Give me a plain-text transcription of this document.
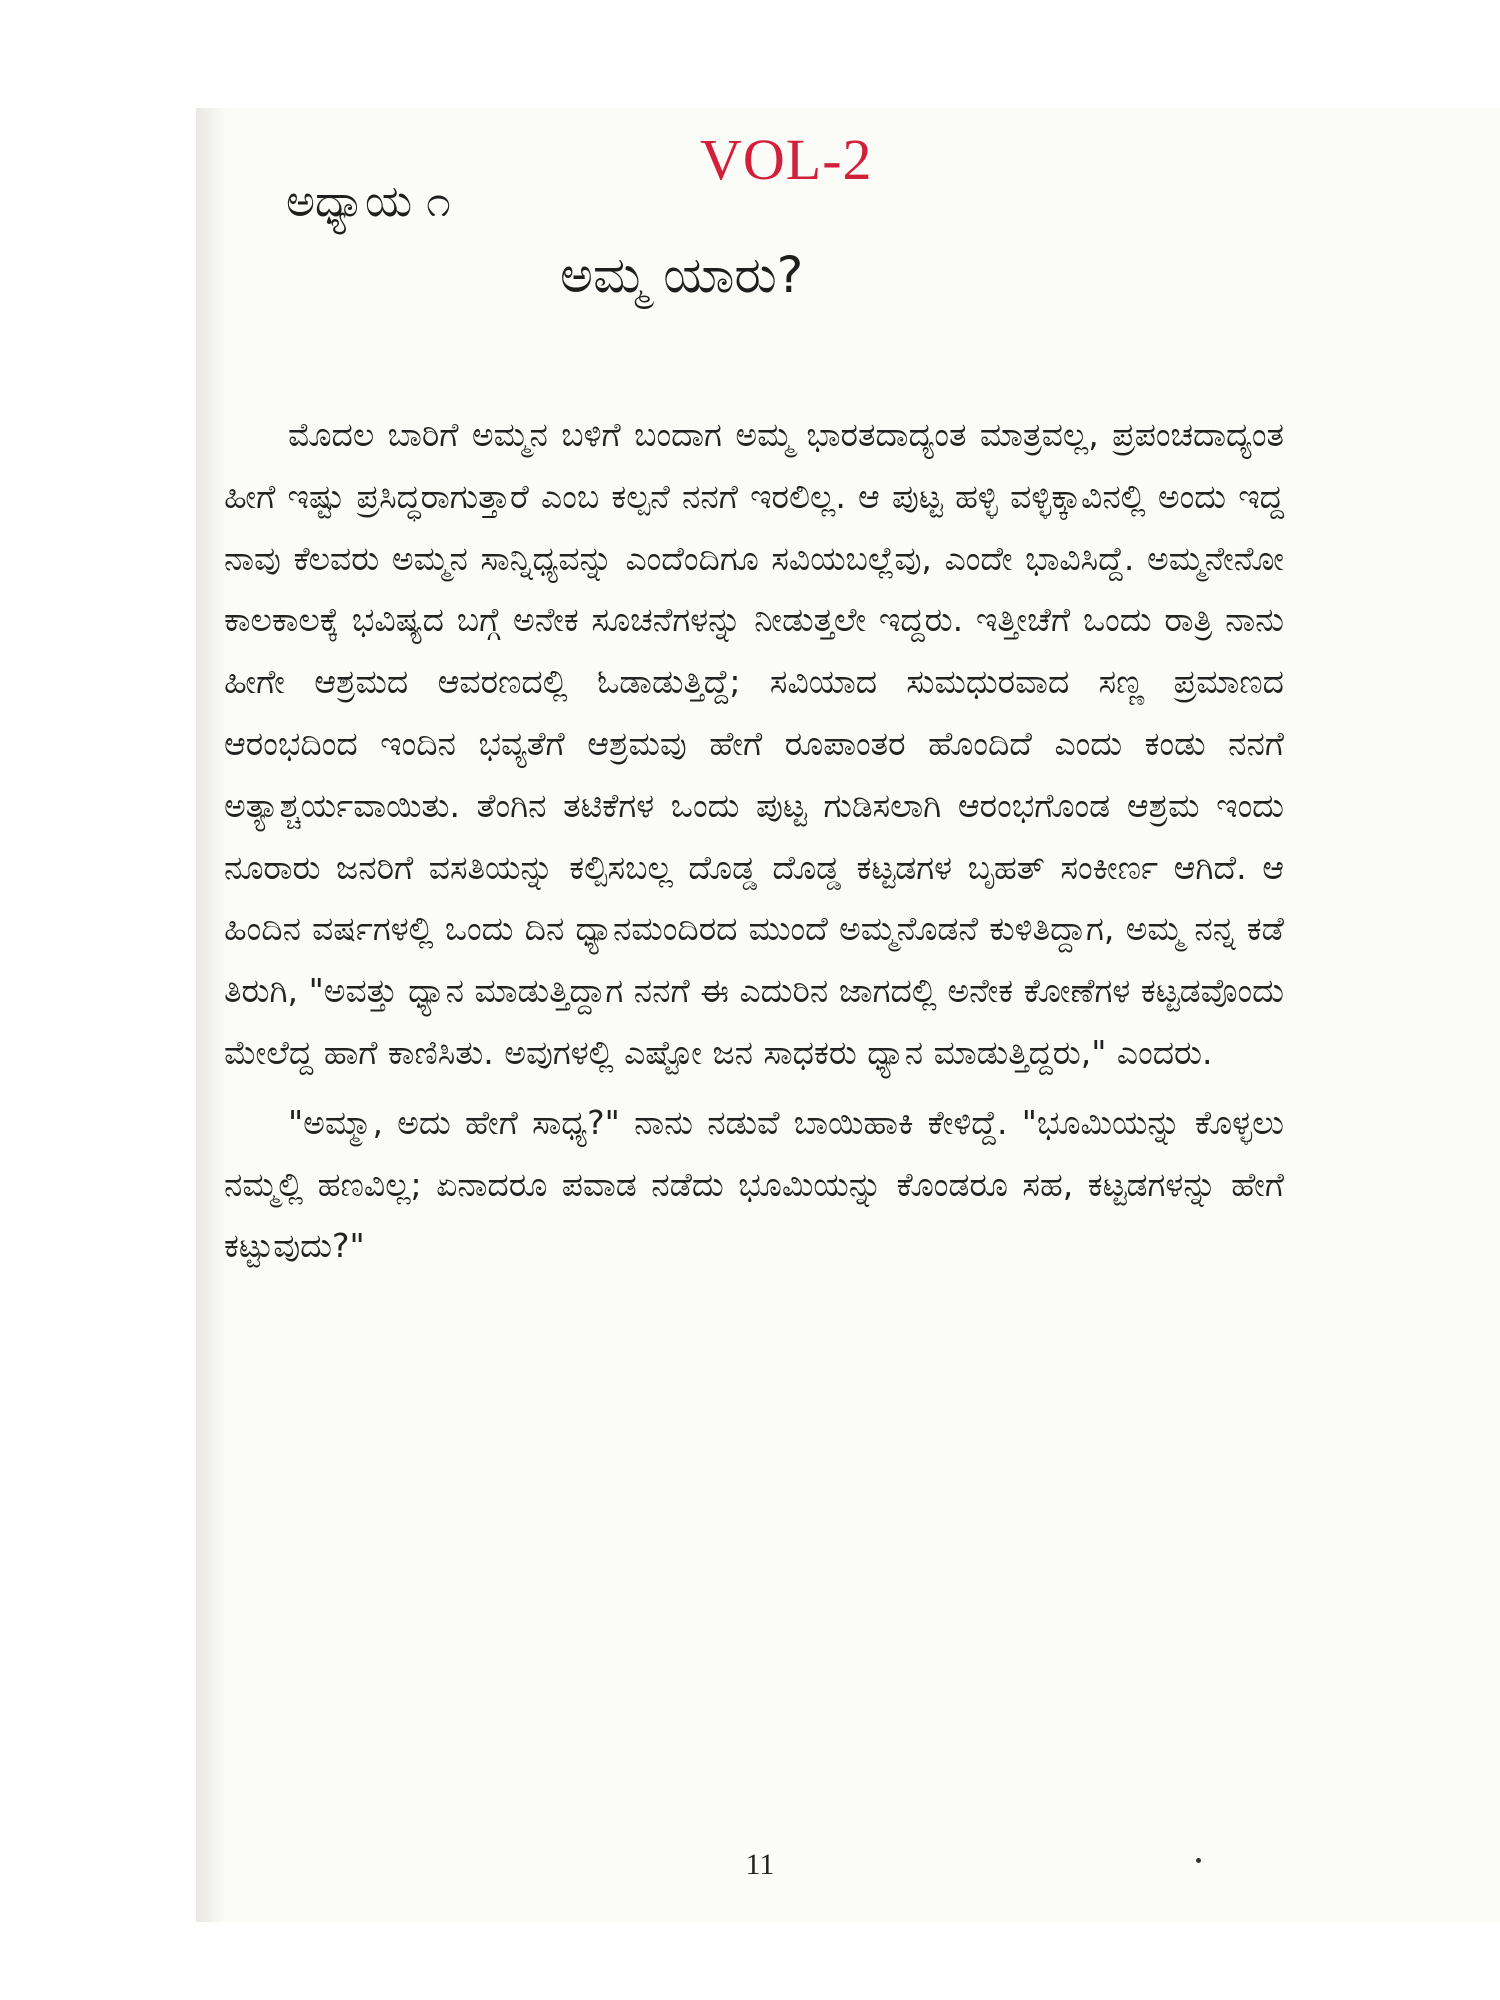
VOL-2
ಅಧ್ಯಾಯ ೧
ಅಮ್ಮ ಯಾರು?

ಮೊದಲ ಬಾರಿಗೆ ಅಮ್ಮನ ಬಳಿಗೆ ಬಂದಾಗ ಅಮ್ಮ ಭಾರತದಾದ್ಯಂತ ಮಾತ್ರವಲ್ಲ, ಪ್ರಪಂಚದಾದ್ಯಂತ ಹೀಗೆ ಇಷ್ಟು ಪ್ರಸಿದ್ಧರಾಗುತ್ತಾರೆ ಎಂಬ ಕಲ್ಪನೆ ನನಗೆ ಇರಲಿಲ್ಲ. ಆ ಪುಟ್ಟ ಹಳ್ಳಿ ವಳ್ಳಿಕ್ಕಾವಿನಲ್ಲಿ ಅಂದು ಇದ್ದ ನಾವು ಕೆಲವರು ಅಮ್ಮನ ಸಾನ್ನಿಧ್ಯವನ್ನು ಎಂದೆಂದಿಗೂ ಸವಿಯಬಲ್ಲೆವು, ಎಂದೇ ಭಾವಿಸಿದ್ದೆ. ಅಮ್ಮನೇನೋ ಕಾಲಕಾಲಕ್ಕೆ ಭವಿಷ್ಯದ ಬಗ್ಗೆ ಅನೇಕ ಸೂಚನೆಗಳನ್ನು ನೀಡುತ್ತಲೇ ಇದ್ದರು. ಇತ್ತೀಚೆಗೆ ಒಂದು ರಾತ್ರಿ ನಾನು ಹೀಗೇ ಆಶ್ರಮದ ಆವರಣದಲ್ಲಿ ಓಡಾಡುತ್ತಿದ್ದೆ; ಸವಿಯಾದ ಸುಮಧುರವಾದ ಸಣ್ಣ ಪ್ರಮಾಣದ ಆರಂಭದಿಂದ ಇಂದಿನ ಭವ್ಯತೆಗೆ ಆಶ್ರಮವು ಹೇಗೆ ರೂಪಾಂತರ ಹೊಂದಿದೆ ಎಂದು ಕಂಡು ನನಗೆ ಅತ್ಯಾಶ್ಚರ್ಯವಾಯಿತು. ತೆಂಗಿನ ತಟಿಕೆಗಳ ಒಂದು ಪುಟ್ಟ ಗುಡಿಸಲಾಗಿ ಆರಂಭಗೊಂಡ ಆಶ್ರಮ ಇಂದು ನೂರಾರು ಜನರಿಗೆ ವಸತಿಯನ್ನು ಕಲ್ಪಿಸಬಲ್ಲ ದೊಡ್ಡ ದೊಡ್ಡ ಕಟ್ಟಡಗಳ ಬೃಹತ್ ಸಂಕೀರ್ಣ ಆಗಿದೆ. ಆ ಹಿಂದಿನ ವರ್ಷಗಳಲ್ಲಿ ಒಂದು ದಿನ ಧ್ಯಾನಮಂದಿರದ ಮುಂದೆ ಅಮ್ಮನೊಡನೆ ಕುಳಿತಿದ್ದಾಗ, ಅಮ್ಮ ನನ್ನ ಕಡೆ ತಿರುಗಿ, "ಅವತ್ತು ಧ್ಯಾನ ಮಾಡುತ್ತಿದ್ದಾಗ ನನಗೆ ಈ ಎದುರಿನ ಜಾಗದಲ್ಲಿ ಅನೇಕ ಕೋಣೆಗಳ ಕಟ್ಟಡವೊಂದು ಮೇಲೆದ್ದ ಹಾಗೆ ಕಾಣಿಸಿತು. ಅವುಗಳಲ್ಲಿ ಎಷ್ಟೋ ಜನ ಸಾಧಕರು ಧ್ಯಾನ ಮಾಡುತ್ತಿದ್ದರು," ಎಂದರು.

"ಅಮ್ಮಾ, ಅದು ಹೇಗೆ ಸಾಧ್ಯ?" ನಾನು ನಡುವೆ ಬಾಯಿಹಾಕಿ ಕೇಳಿದ್ದೆ. "ಭೂಮಿಯನ್ನು ಕೊಳ್ಳಲು ನಮ್ಮಲ್ಲಿ ಹಣವಿಲ್ಲ; ಏನಾದರೂ ಪವಾಡ ನಡೆದು ಭೂಮಿಯನ್ನು ಕೊಂಡರೂ ಸಹ, ಕಟ್ಟಡಗಳನ್ನು ಹೇಗೆ ಕಟ್ಟುವುದು?"

11
